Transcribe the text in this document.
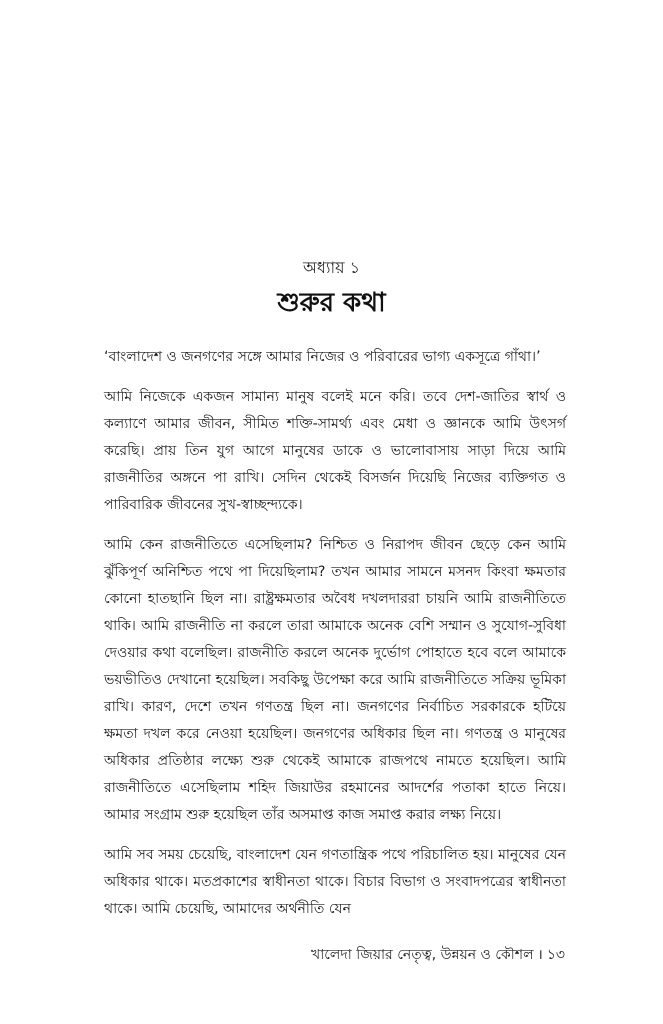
অধ্যায় ১
শুরুর কথা

‘বাংলাদেশ ও জনগণের সঙ্গে আমার নিজের ও পরিবারের ভাগ্য একসূত্রে গাঁথা।’

আমি নিজেকে একজন সামান্য মানুষ বলেই মনে করি। তবে দেশ-জাতির স্বার্থ ও কল্যাণে আমার জীবন, সীমিত শক্তি-সামর্থ্য এবং মেধা ও জ্ঞানকে আমি উৎসর্গ করেছি। প্রায় তিন যুগ আগে মানুষের ডাকে ও ভালোবাসায় সাড়া দিয়ে আমি রাজনীতির অঙ্গনে পা রাখি। সেদিন থেকেই বিসর্জন দিয়েছি নিজের ব্যক্তিগত ও পারিবারিক জীবনের সুখ-স্বাচ্ছন্দ্যকে।

আমি কেন রাজনীতিতে এসেছিলাম? নিশ্চিত ও নিরাপদ জীবন ছেড়ে কেন আমি ঝুঁকিপূর্ণ অনিশ্চিত পথে পা দিয়েছিলাম? তখন আমার সামনে মসনদ কিংবা ক্ষমতার কোনো হাতছানি ছিল না। রাষ্ট্রক্ষমতার অবৈধ দখলদাররা চায়নি আমি রাজনীতিতে থাকি। আমি রাজনীতি না করলে তারা আমাকে অনেক বেশি সম্মান ও সুযোগ-সুবিধা দেওয়ার কথা বলেছিল। রাজনীতি করলে অনেক দুর্ভোগ পোহাতে হবে বলে আমাকে ভয়ভীতিও দেখানো হয়েছিল। সবকিছু উপেক্ষা করে আমি রাজনীতিতে সক্রিয় ভূমিকা রাখি। কারণ, দেশে তখন গণতন্ত্র ছিল না। জনগণের নির্বাচিত সরকারকে হটিয়ে ক্ষমতা দখল করে নেওয়া হয়েছিল। জনগণের অধিকার ছিল না। গণতন্ত্র ও মানুষের অধিকার প্রতিষ্ঠার লক্ষ্যে শুরু থেকেই আমাকে রাজপথে নামতে হয়েছিল। আমি রাজনীতিতে এসেছিলাম শহিদ জিয়াউর রহমানের আদর্শের পতাকা হাতে নিয়ে। আমার সংগ্রাম শুরু হয়েছিল তাঁর অসমাপ্ত কাজ সমাপ্ত করার লক্ষ্য নিয়ে।

আমি সব সময় চেয়েছি, বাংলাদেশ যেন গণতান্ত্রিক পথে পরিচালিত হয়। মানুষের যেন অধিকার থাকে। মতপ্রকাশের স্বাধীনতা থাকে। বিচার বিভাগ ও সংবাদপত্রের স্বাধীনতা থাকে। আমি চেয়েছি, আমাদের অর্থনীতি যেন

খালেদা জিয়ার নেতৃত্ব, উন্নয়ন ও কৌশল । ১৩
